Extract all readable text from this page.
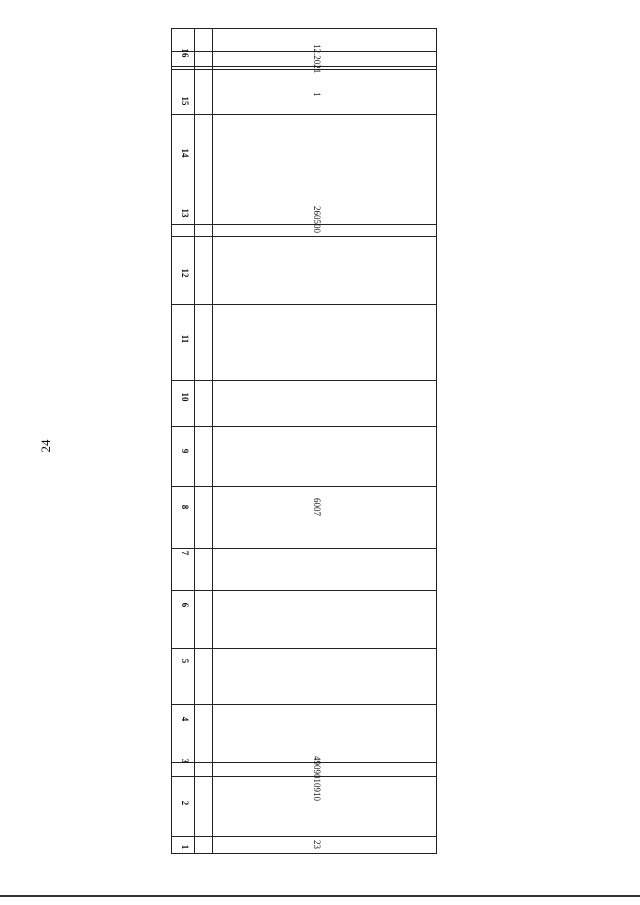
24
16
15
14
13
12
11
10
9
8
7
6
5
4
3
2
1
12.2021
1
260500
6007
4909010910
23
